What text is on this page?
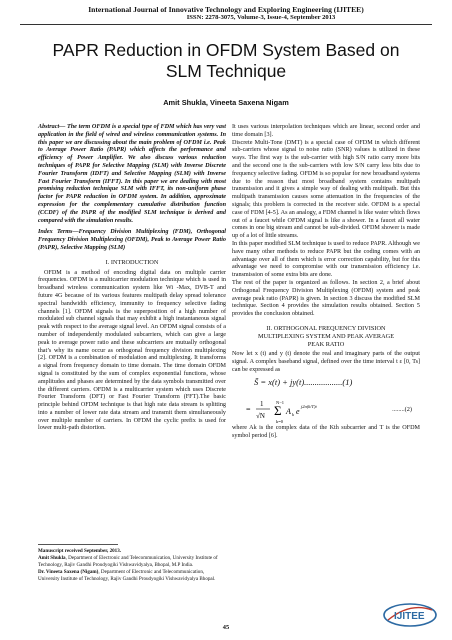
International Journal of Innovative Technology and Exploring Engineering (IJITEE)
ISSN: 2278-3075, Volume-3, Issue-4, September 2013
PAPR Reduction in OFDM System Based on
SLM Technique
Amit Shukla, Vineeta Saxena Nigam
Abstract— The term OFDM is a special type of FDM which has very vast application in the field of wired and wireless communication systems. In this paper we are discussing about the main problem of OFDM i.e. Peak to Average Power Ratio (PAPR) which affects the performance and efficiency of Power Amplifier. We also discuss various reduction techniques of PAPR for Selective Mapping (SLM) with Inverse Discrete Fourier Transform (IDFT) and Selective Mapping (SLM) with Inverse Fast Fourier Transform (IFFT). In this paper we are dealing with most promising reduction technique SLM with IFFT, its non-uniform phase factor for PAPR reduction in OFDM system. In addition, approximate expression for the complementary cumulative distribution function (CCDF) of the PAPR of the modified SLM technique is derived and compared with the simulation results.
Index Terms—Frequency Division Multiplexing (FDM), Orthogonal Frequency Division Multiplexing (OFDM), Peak to Average Power Ratio (PAPR), Selective Mapping (SLM)
I. INTRODUCTION
OFDM is a method of encoding digital data on multiple carrier frequencies. OFDM is a multicarrier modulation technique which is used in broadband wireless communication system like Wi -Max, DVB-T and future 4G because of its various features multipath delay spread tolerance spectral bandwidth efficiency, immunity to frequency selective fading channels [1]. OFDM signals is the superposition of a high number of modulated sub channel signals that may exhibit a high instantaneous signal peak with respect to the average signal level. An OFDM signal consists of a number of independently modulated subcarriers, which can give a large peak to average power ratio and these subcarriers are mutually orthogonal that’s why its name occur as orthogonal frequency division multiplexing [2]. OFDM is a combination of modulation and multiplexing. It transforms a signal from frequency domain to time domain. The time domain OFDM signal is constituted by the sum of complex exponential functions, whose amplitudes and phases are determined by the data symbols transmitted over the different carriers. OFDM is a multicarrier system which uses Discrete Fourier Transform (DFT) or Fast Fourier Transform (FFT).The basic principle behind OFDM technique is that high rate data stream is splitting into a number of lower rate data stream and transmit them simultaneously over multiple number of carriers. In OFDM the cyclic prefix is used for lower multi-path distortion.
Manuscript received September, 2013.
Amit Shukla, Department of Electronic and Telecommunication, University Institute of Technology, Rajiv Gandhi Proudyogiki Vishwavidyalya, Bhopal, M.P India.
Dr. Vineeta Saxena (Nigam), Department of Electronic and Telecommunication, University Institute of Technology, Rajiv Gandhi Proudyogiki Vishwavidyalya Bhopal.
It uses various interpolation techniques which are linear, second order and time domain [3].
Discrete Multi-Tone (DMT) is a special case of OFDM in which different sub-carriers whose signal to noise ratio (SNR) values is utilized in these ways. The first way is the sub-carrier with high S/N ratio carry more bits and the second one is the sub-carriers with low S/N carry less bits due to frequency selective fading. OFDM is so popular for new broadband systems due to the reason that most broadband system contains multipath transmission and it gives a simple way of dealing with multipath. But this multipath transmission causes some attenuation in the frequencies of the signals; this problem is corrected in the receiver side. OFDM is a special case of FDM [4-5]. As an analogy, a FDM channel is like water which flows out of a faucet while OFDM signal is like a shower. In a faucet all water comes in one big stream and cannot be sub-divided. OFDM shower is made up of a lot of little streams.
In this paper modified SLM technique is used to reduce PAPR. Although we have many other methods to reduce PAPR but the coding comes with an advantage over all of them which is error correction capability, but for this advantage we need to compromise with our transmission efficiency i.e. transmission of some extra bits are done.
The rest of the paper is organized as follows. In section 2, a brief about Orthogonal Frequency Division Multiplexing (OFDM) system and peak average peak ratio (PAPR) is given. In section 3 discuss the modified SLM technique. Section 4 provides the simulation results obtained. Section 5 provides the conclusion obtained.
II. ORTHOGONAL FREQUENCY DIVISION
MULTIPLEXING SYSTEM AND PEAK AVERAGE
PEAK RATIO
Now let x (t) and y (t) denote the real and imaginary parts of the output signal. A complex baseband signal, defined over the time interval t ε [0, Ts] can be expressed as
S̃ = x(t) + jy(t)..................(1)
=
1
√N Σ
N−1
k=0
A k e
j2π(k/T)t	........(2)
where Ak is the complex data of the Kth subcarrier and T is the OFDM symbol period [6].
45
IJITEE
